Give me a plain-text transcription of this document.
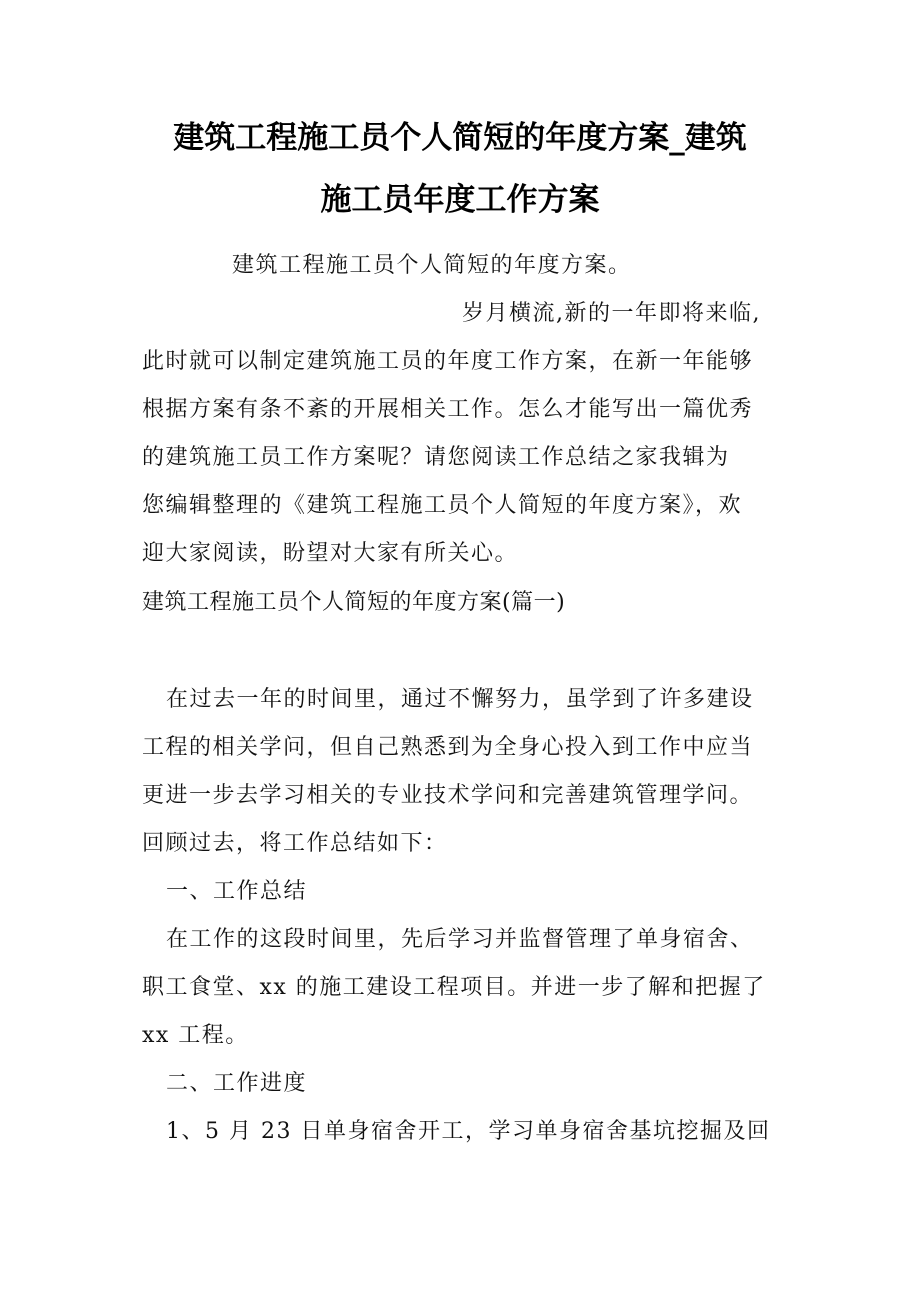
建筑工程施工员个人简短的年度方案_建筑
施工员年度工作方案
建筑工程施工员个人简短的年度方案。
岁月横流,新的一年即将来临,
此时就可以制定建筑施工员的年度工作方案，在新一年能够
根据方案有条不紊的开展相关工作。怎么才能写出一篇优秀
的建筑施工员工作方案呢？请您阅读工作总结之家我辑为
您编辑整理的《建筑工程施工员个人简短的年度方案》，欢
迎大家阅读，盼望对大家有所关心。
建筑工程施工员个人简短的年度方案(篇一)
在过去一年的时间里，通过不懈努力，虽学到了许多建设
工程的相关学问，但自己熟悉到为全身心投入到工作中应当
更进一步去学习相关的专业技术学问和完善建筑管理学问。
回顾过去，将工作总结如下：
一、工作总结
在工作的这段时间里，先后学习并监督管理了单身宿舍、
职工食堂、xx 的施工建设工程项目。并进一步了解和把握了
xx 工程。
二、工作进度
1、5 月 23 日单身宿舍开工，学习单身宿舍基坑挖掘及回
